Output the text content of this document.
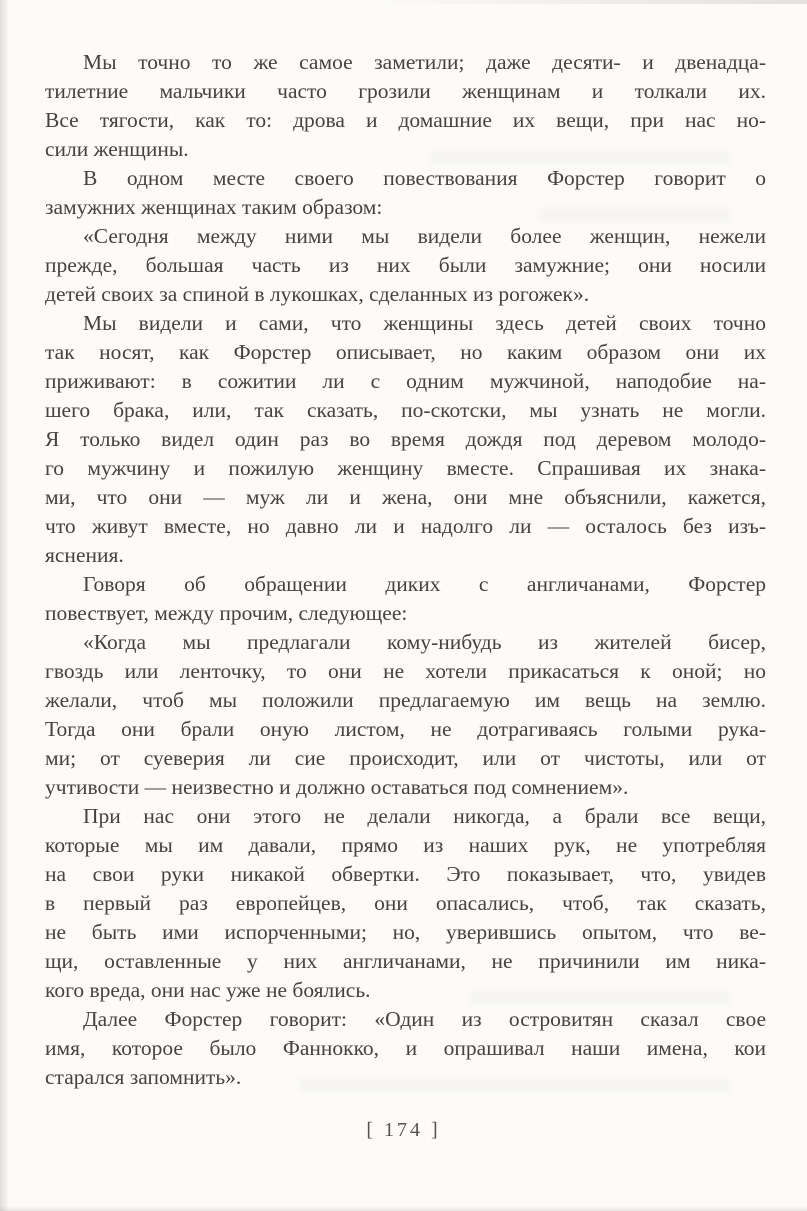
Мы точно то же самое заметили; даже десяти- и двенадца-
тилетние мальчики часто грозили женщинам и толкали их.
Все тягости, как то: дрова и домашние их вещи, при нас но-
сили женщины.
В одном месте своего повествования Форстер говорит о
замужних женщинах таким образом:
«Сегодня между ними мы видели более женщин, нежели
прежде, большая часть из них были замужние; они носили
детей своих за спиной в лукошках, сделанных из рогожек».
Мы видели и сами, что женщины здесь детей своих точно
так носят, как Форстер описывает, но каким образом они их
приживают: в сожитии ли с одним мужчиной, наподобие на-
шего брака, или, так сказать, по-скотски, мы узнать не могли.
Я только видел один раз во время дождя под деревом молодо-
го мужчину и пожилую женщину вместе. Спрашивая их знака-
ми, что они — муж ли и жена, они мне объяснили, кажется,
что живут вместе, но давно ли и надолго ли — осталось без изъ-
яснения.
Говоря об обращении диких с англичанами, Форстер
повествует, между прочим, следующее:
«Когда мы предлагали кому-нибудь из жителей бисер,
гвоздь или ленточку, то они не хотели прикасаться к оной; но
желали, чтоб мы положили предлагаемую им вещь на землю.
Тогда они брали оную листом, не дотрагиваясь голыми рука-
ми; от суеверия ли сие происходит, или от чистоты, или от
учтивости — неизвестно и должно оставаться под сомнением».
При нас они этого не делали никогда, а брали все вещи,
которые мы им давали, прямо из наших рук, не употребляя
на свои руки никакой обвертки. Это показывает, что, увидев
в первый раз европейцев, они опасались, чтоб, так сказать,
не быть ими испорченными; но, уверившись опытом, что ве-
щи, оставленные у них англичанами, не причинили им ника-
кого вреда, они нас уже не боялись.
Далее Форстер говорит: «Один из островитян сказал свое
имя, которое было Фаннокко, и опрашивал наши имена, кои
старался запомнить».
[ 174 ]
